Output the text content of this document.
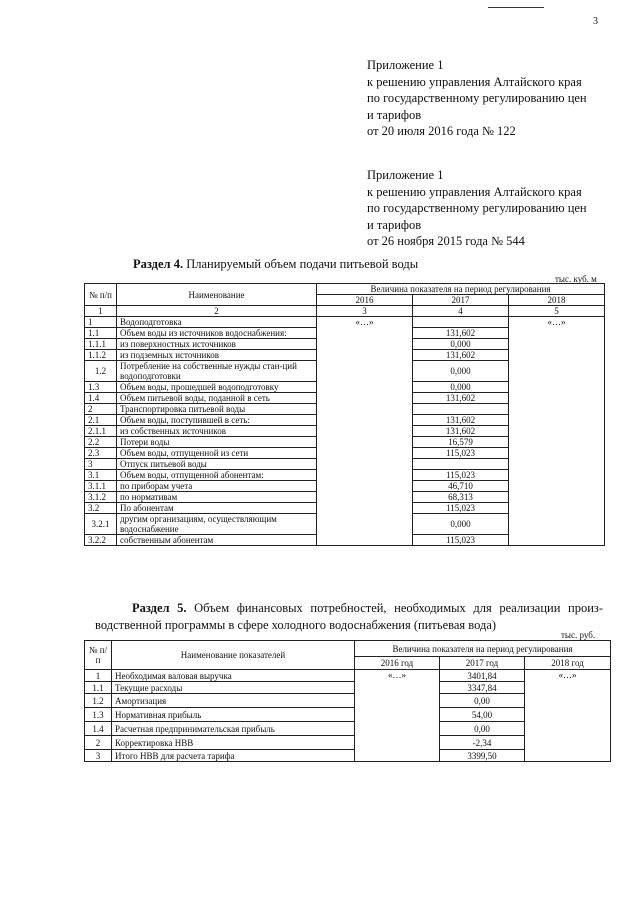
3
Приложение 1
к решению управления Алтайского края
по государственному регулированию цен
и тарифов
от 20 июля 2016 года № 122
Приложение 1
к решению управления Алтайского края
по государственному регулированию цен
и тарифов
от 26 ноября 2015 года № 544
Раздел 4. Планируемый объем подачи питьевой воды
тыс. куб. м
№ п/п	Наименование	Величина показателя на период регулирования		
		2016	2017	2018
1	2	3	4	5
1	Водоподготовка	«…»		«…»
1.1	Объем воды из источников водоснабжения:		131,602	
1.1.1	из поверхностных источников		0,000	
1.1.2	из подземных источников		131,602	
1.2	Потребление на собственные нужды стан-ций водоподготовки		0,000	
1.3	Объем воды, прошедшей водоподготовку		0,000	
1.4	Объем питьевой воды, поданной в сеть		131,602	
2	Транспортировка питьевой воды			
2.1	Объем воды, поступившей в сеть:		131,602	
2.1.1	из собственных источников		131,602	
2.2	Потери воды		16,579	
2.3	Объем воды, отпущенной из сети		115,023	
3	Отпуск питьевой воды			
3.1	Объем воды, отпущенной абонентам:		115,023	
3.1.1	по приборам учета		46,710	
3.1.2	по нормативам		68,313	
3.2	По абонентам		115,023	
3.2.1	другим организациям, осуществляющим водоснабжение		0,000	
3.2.2	собственным абонентам		115,023	
Раздел 5. Объем финансовых потребностей, необходимых для реализации произ-
водственной программы в сфере холодного водоснабжения (питьевая вода)
тыс. руб.
№ п/п	Наименование показателей	Величина показателя на период регулирования		
		2016 год	2017 год	2018 год
1	Необходимая валовая выручка	«…»	3401,84	«…»
1.1	Текущие расходы		3347,84	
1.2	Амортизация		0,00	
1.3	Нормативная прибыль		54,00	
1.4	Расчетная предпринимательская прибыль		0,00	
2	Корректировка НВВ		-2,34	
3	Итого НВВ для расчета тарифа		3399,50	
